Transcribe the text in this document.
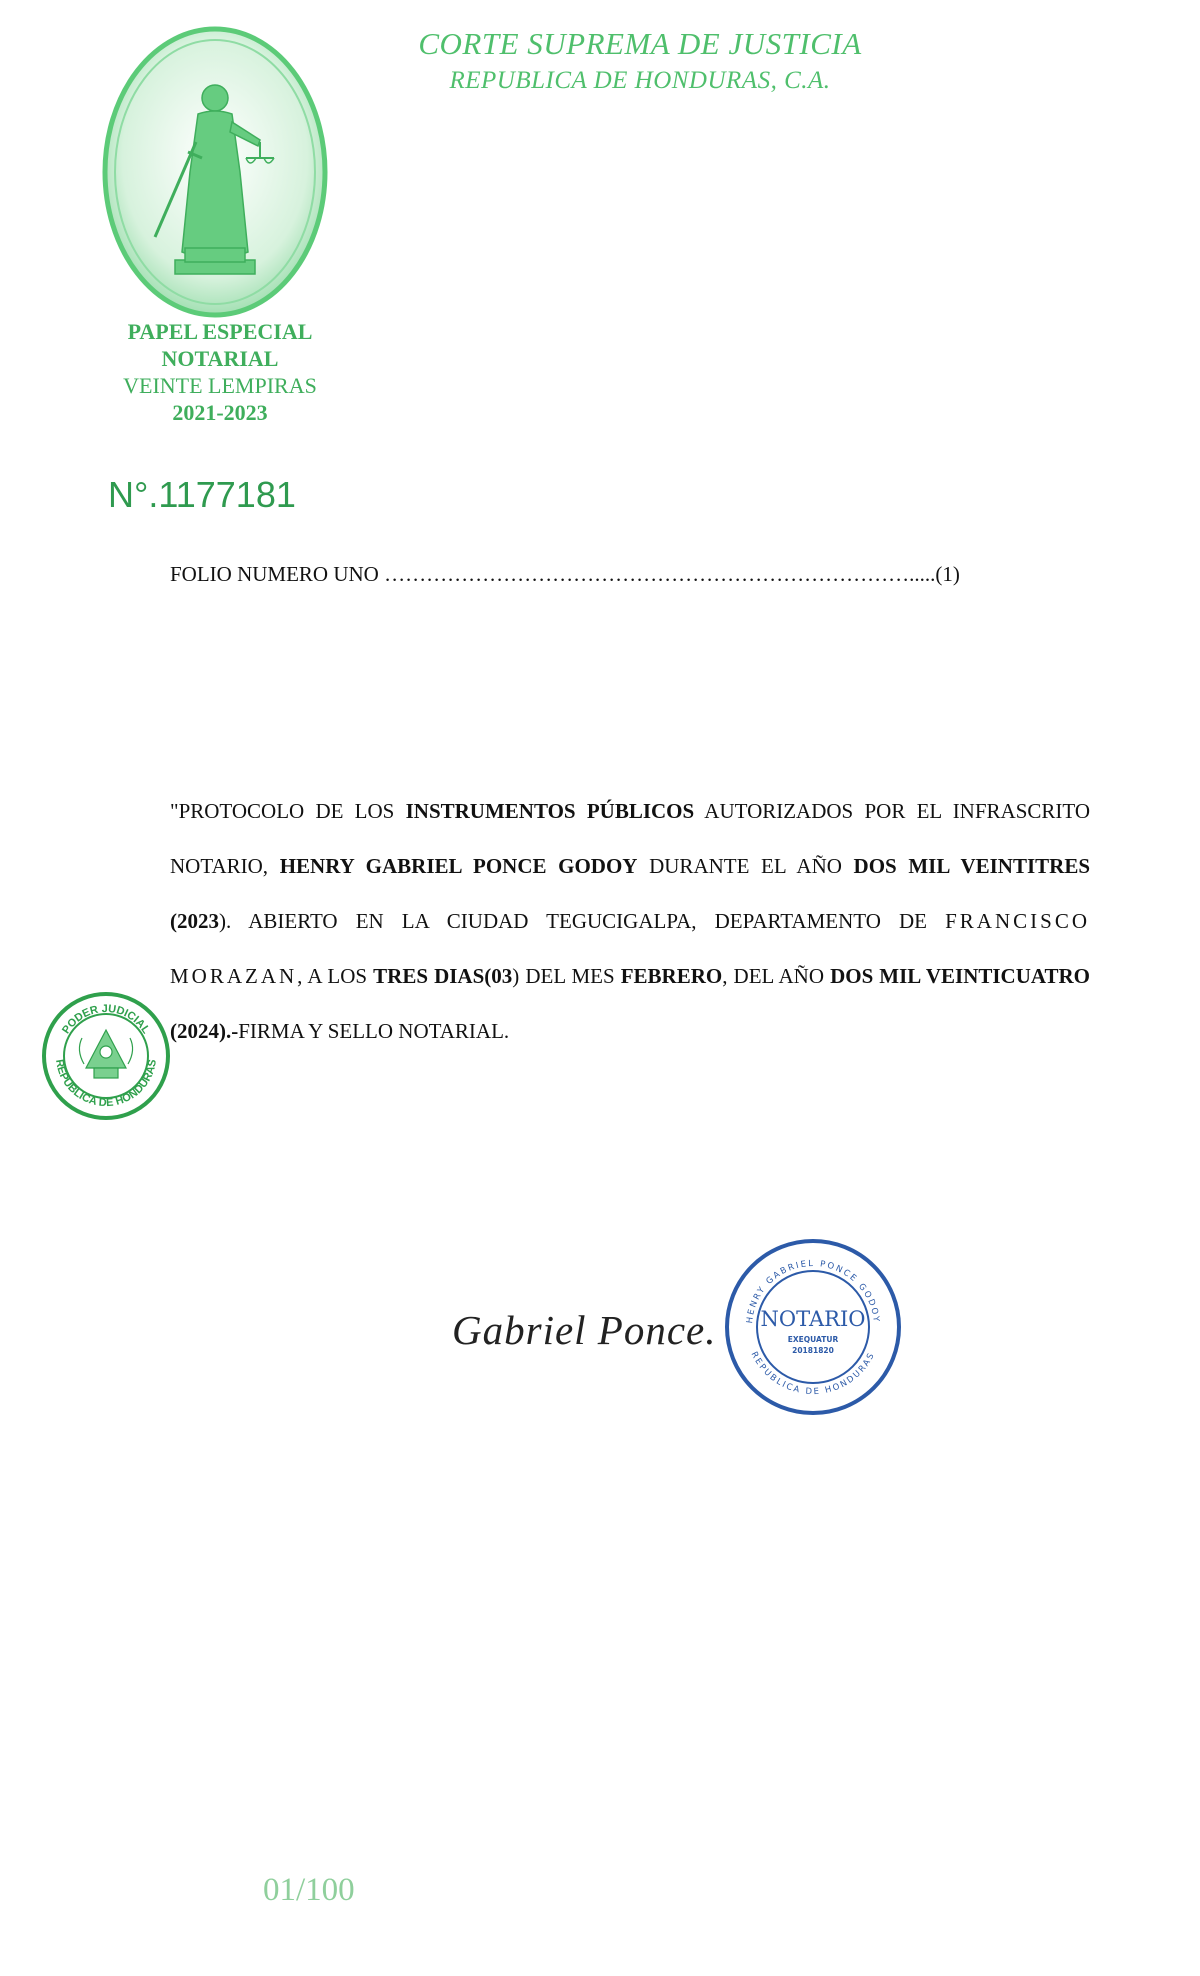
PAPEL ESPECIAL
NOTARIAL
VEINTE LEMPIRAS
2021-2023
CORTE SUPREMA DE JUSTICIA
REPUBLICA DE HONDURAS, C.A.
N°.1177181
FOLIO NUMERO UNO ………………………………………………………………….....(1)
"PROTOCOLO DE LOS INSTRUMENTOS PÚBLICOS AUTORIZADOS POR EL INFRASCRITO NOTARIO, HENRY GABRIEL PONCE GODOY DURANTE EL AÑO DOS MIL VEINTITRES (2023). ABIERTO EN LA CIUDAD TEGUCIGALPA, DEPARTAMENTO DE FRANCISCO MORAZAN, A LOS TRES DIAS(03) DEL MES FEBRERO, DEL AÑO DOS MIL VEINTICUATRO (2024).-FIRMA Y SELLO NOTARIAL.
PODER JUDICIAL
REPUBLICA DE HONDURAS
Gabriel Ponce.	HENRY GABRIEL PONCE GODOY
REPUBLICA DE HONDURAS
NOTARIO
EXEQUATUR
20181820
01/100
